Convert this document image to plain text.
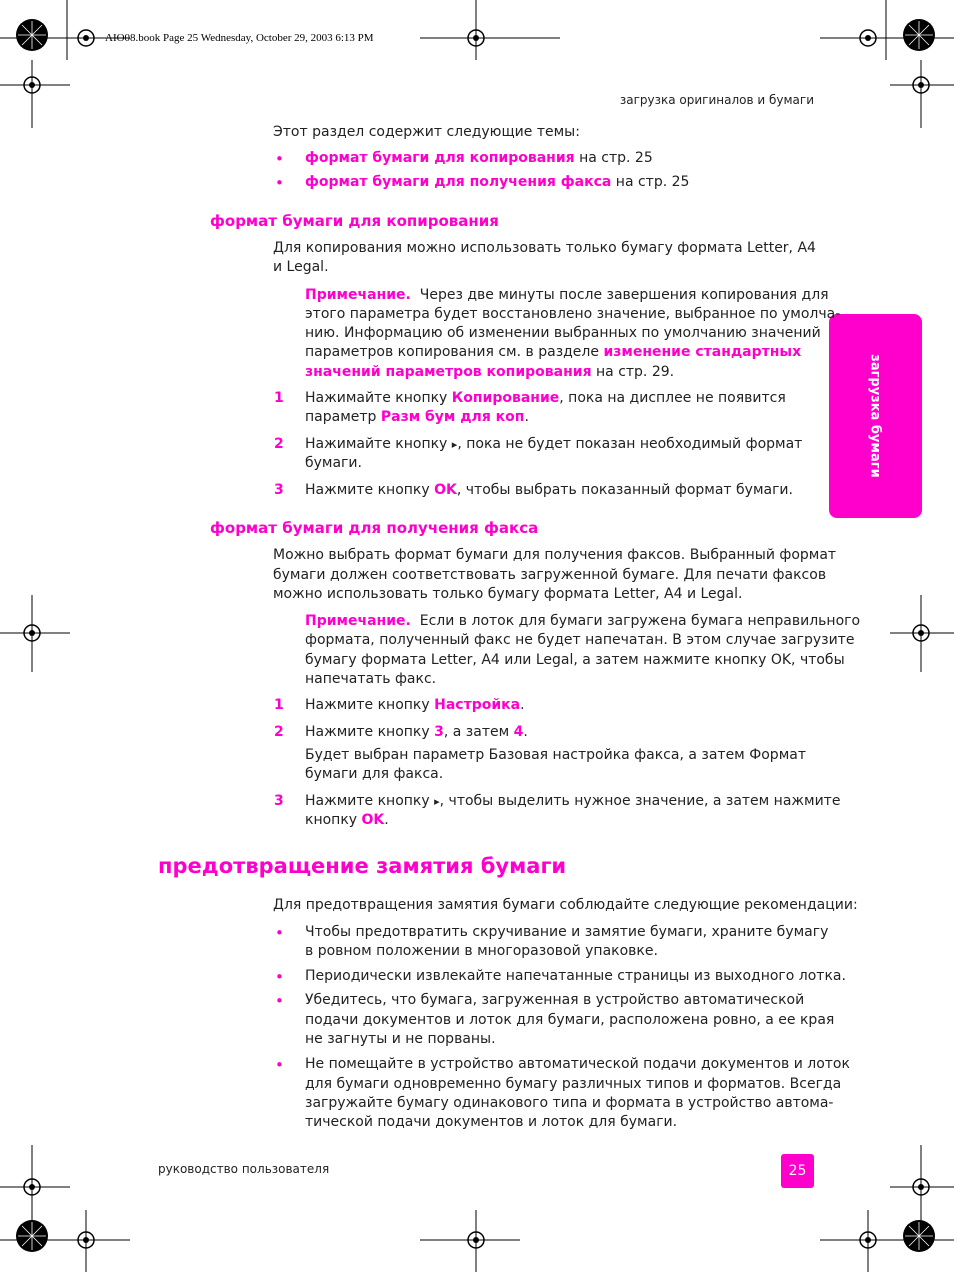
AIO08.book Page 25 Wednesday, October 29, 2003 6:13 PM
загрузка оригиналов и бумаги
загрузка бумаги
Этот раздел содержит следующие темы:
• формат бумаги для копирования на стр. 25
• формат бумаги для получения факса на стр. 25
формат бумаги для копирования
Для копирования можно использовать только бумагу формата Letter, A4
и Legal.
Примечание. Через две минуты после завершения копирования для
этого параметра будет восстановлено значение, выбранное по умолча-
нию. Информацию об изменении выбранных по умолчанию значений
параметров копирования см. в разделе изменение стандартных
значений параметров копирования на стр. 29.
1 Нажимайте кнопку Копирование, пока на дисплее не появится
параметр Разм бум для коп.
2 Нажимайте кнопку ▸, пока не будет показан необходимый формат
бумаги.
3 Нажмите кнопку OK, чтобы выбрать показанный формат бумаги.
формат бумаги для получения факса
Можно выбрать формат бумаги для получения факсов. Выбранный формат
бумаги должен соответствовать загруженной бумаге. Для печати факсов
можно использовать только бумагу формата Letter, A4 и Legal.
Примечание. Если в лоток для бумаги загружена бумага неправильного
формата, полученный факс не будет напечатан. В этом случае загрузите
бумагу формата Letter, A4 или Legal, а затем нажмите кнопку OK, чтобы
напечатать факс.
1 Нажмите кнопку Настройка.
2 Нажмите кнопку 3, а затем 4.
Будет выбран параметр Базовая настройка факса, а затем Формат
бумаги для факса.
3 Нажмите кнопку ▸, чтобы выделить нужное значение, а затем нажмите
кнопку OK.
предотвращение замятия бумаги
Для предотвращения замятия бумаги соблюдайте следующие рекомендации:
• Чтобы предотвратить скручивание и замятие бумаги, храните бумагу
в ровном положении в многоразовой упаковке.
• Периодически извлекайте напечатанные страницы из выходного лотка.
• Убедитесь, что бумага, загруженная в устройство автоматической
подачи документов и лоток для бумаги, расположена ровно, а ее края
не загнуты и не порваны.
• Не помещайте в устройство автоматической подачи документов и лоток
для бумаги одновременно бумагу различных типов и форматов. Всегда
загружайте бумагу одинакового типа и формата в устройство автома-
тической подачи документов и лоток для бумаги.
руководство пользователя	25
